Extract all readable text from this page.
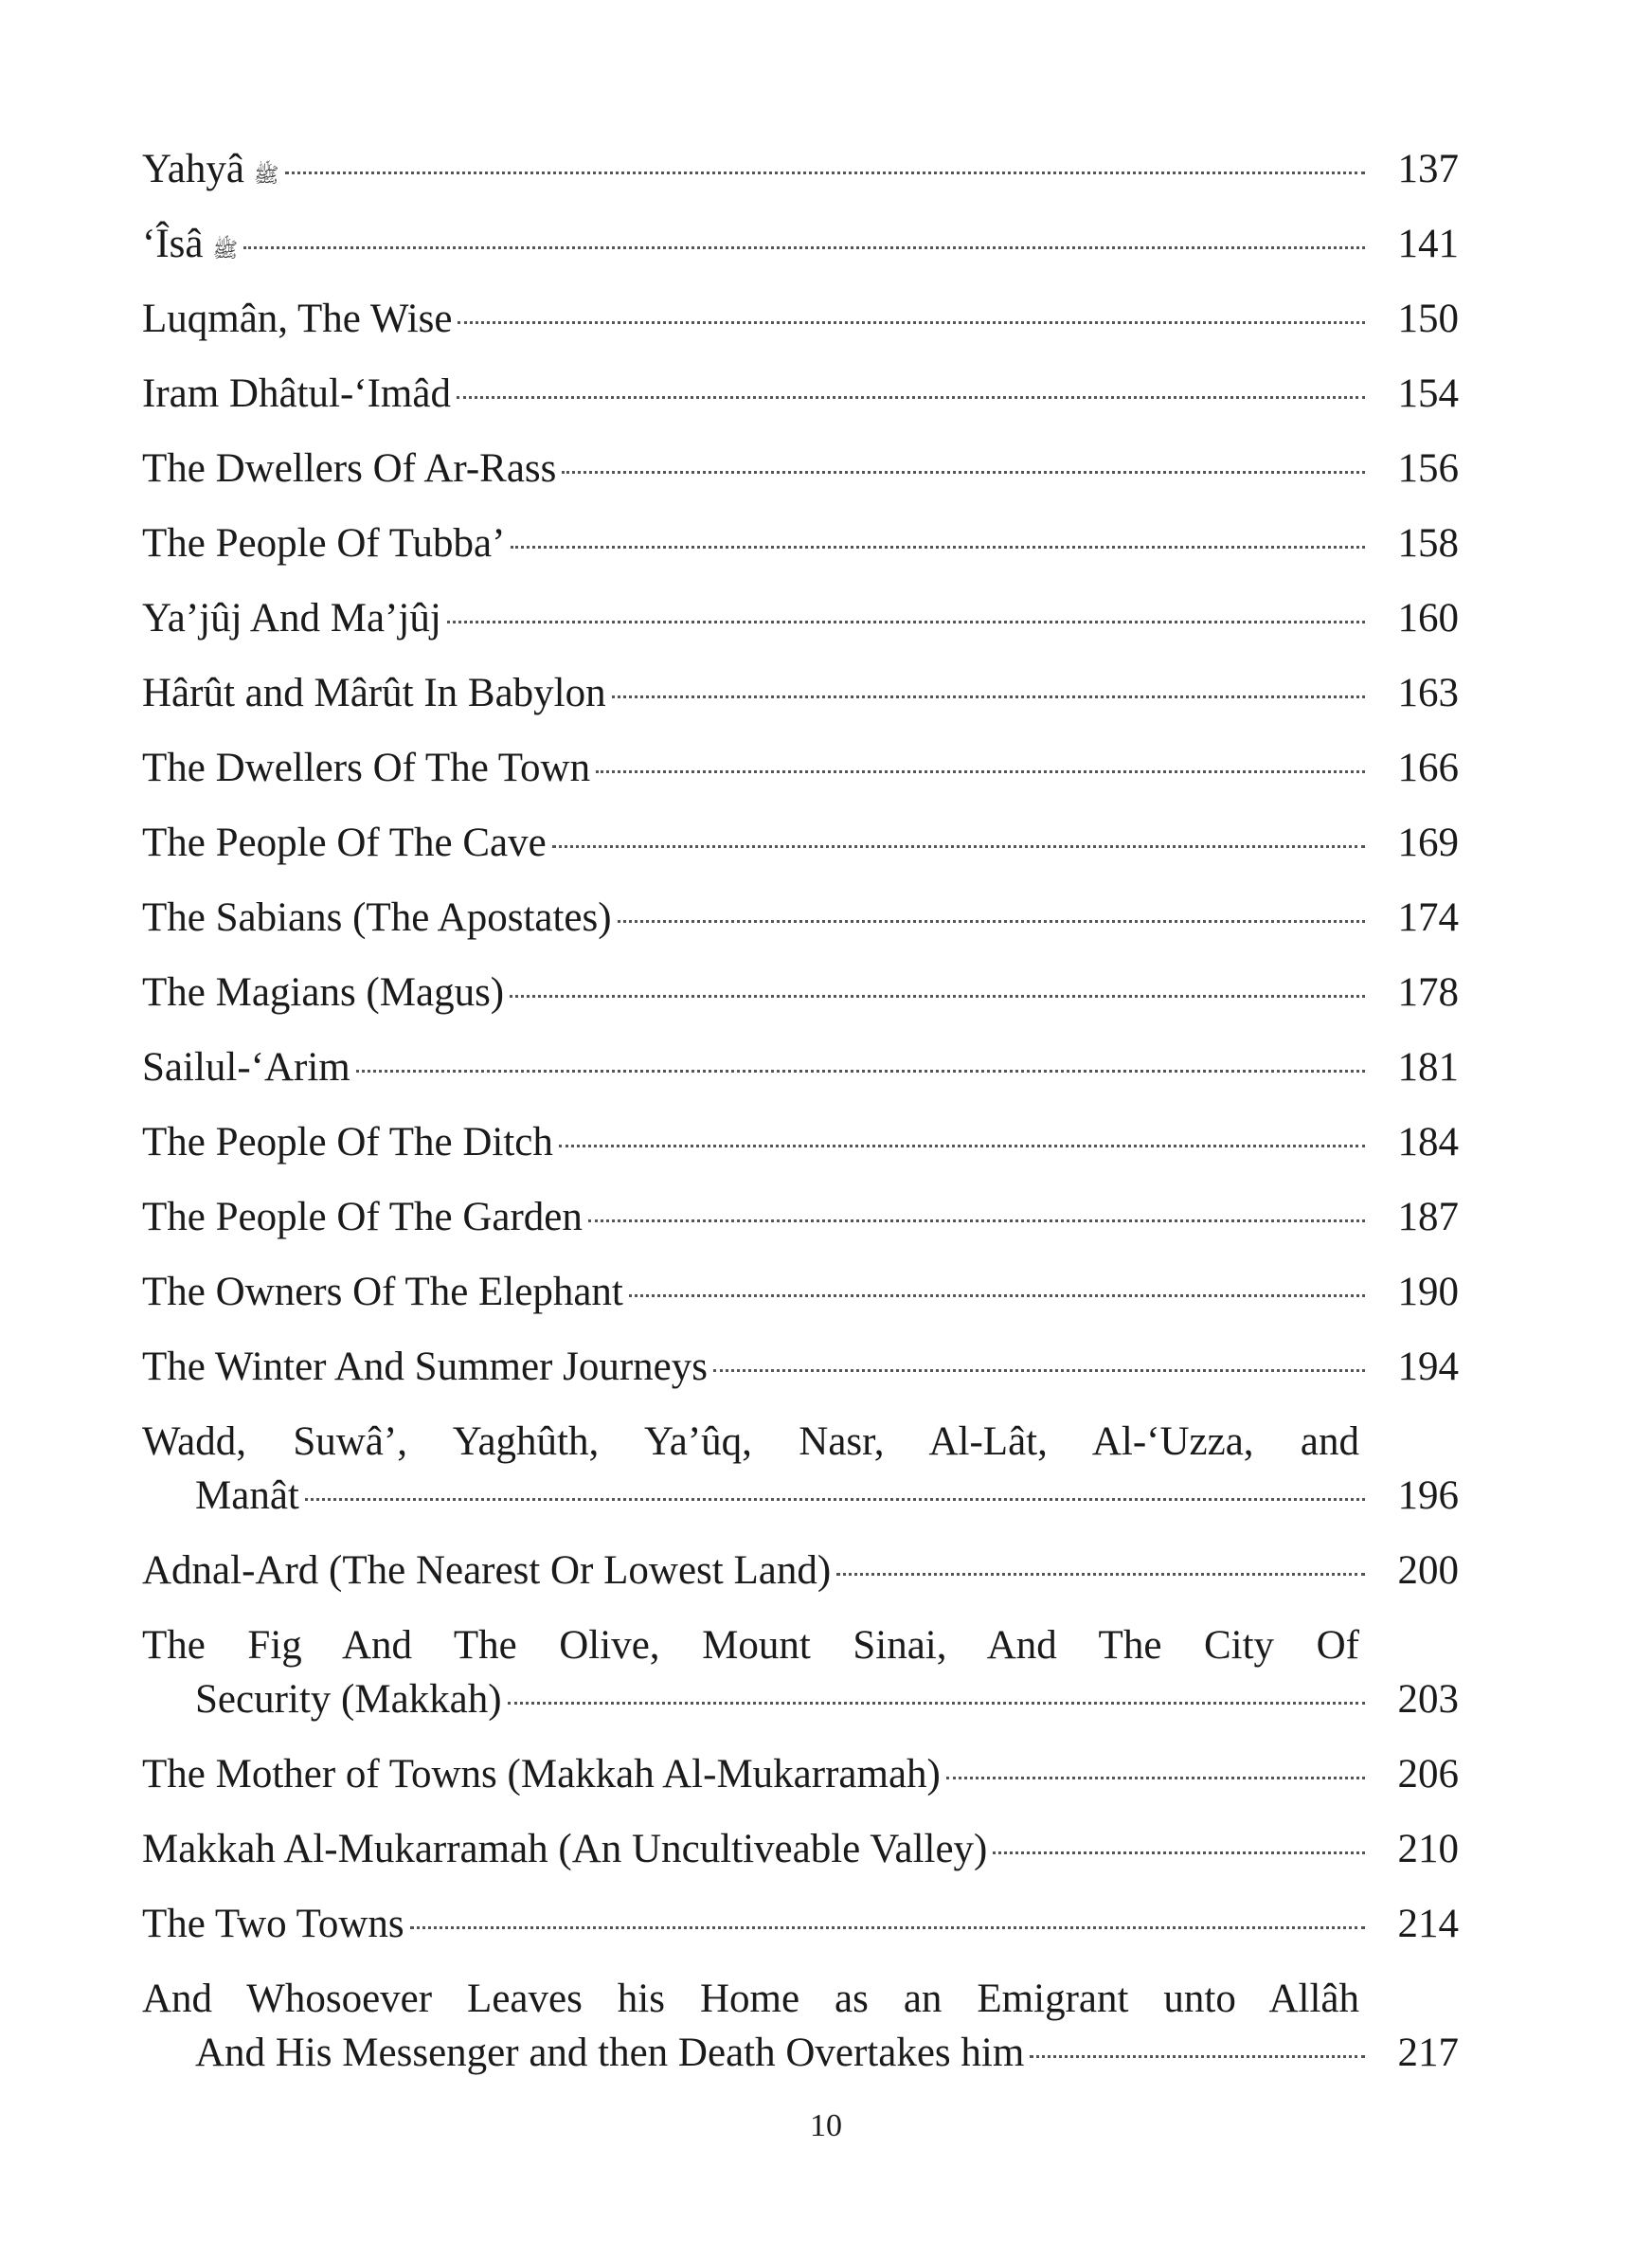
Yahyâ ﷺ	137
‘Îsâ ﷺ	141
Luqmân, The Wise	150
Iram Dhâtul-‘Imâd	154
The Dwellers Of Ar-Rass	156
The People Of Tubba’	158
Ya’jûj And Ma’jûj	160
Hârût and Mârût In Babylon	163
The Dwellers Of The Town	166
The People Of The Cave	169
The Sabians (The Apostates)	174
The Magians (Magus)	178
Sailul-‘Arim	181
The People Of The Ditch	184
The People Of The Garden	187
The Owners Of The Elephant	190
The Winter And Summer Journeys	194
Wadd, Suwâ’, Yaghûth, Ya’ûq, Nasr, Al-Lât, Al-‘Uzza, and
Manât	196
Adnal-Ard (The Nearest Or Lowest Land)	200
The Fig And The Olive, Mount Sinai, And The City Of
Security (Makkah)	203
The Mother of Towns (Makkah Al-Mukarramah)	206
Makkah Al-Mukarramah (An Uncultiveable Valley)	210
The Two Towns	214
And Whosoever Leaves his Home as an Emigrant unto Allâh
And His Messenger and then Death Overtakes him	217
10
